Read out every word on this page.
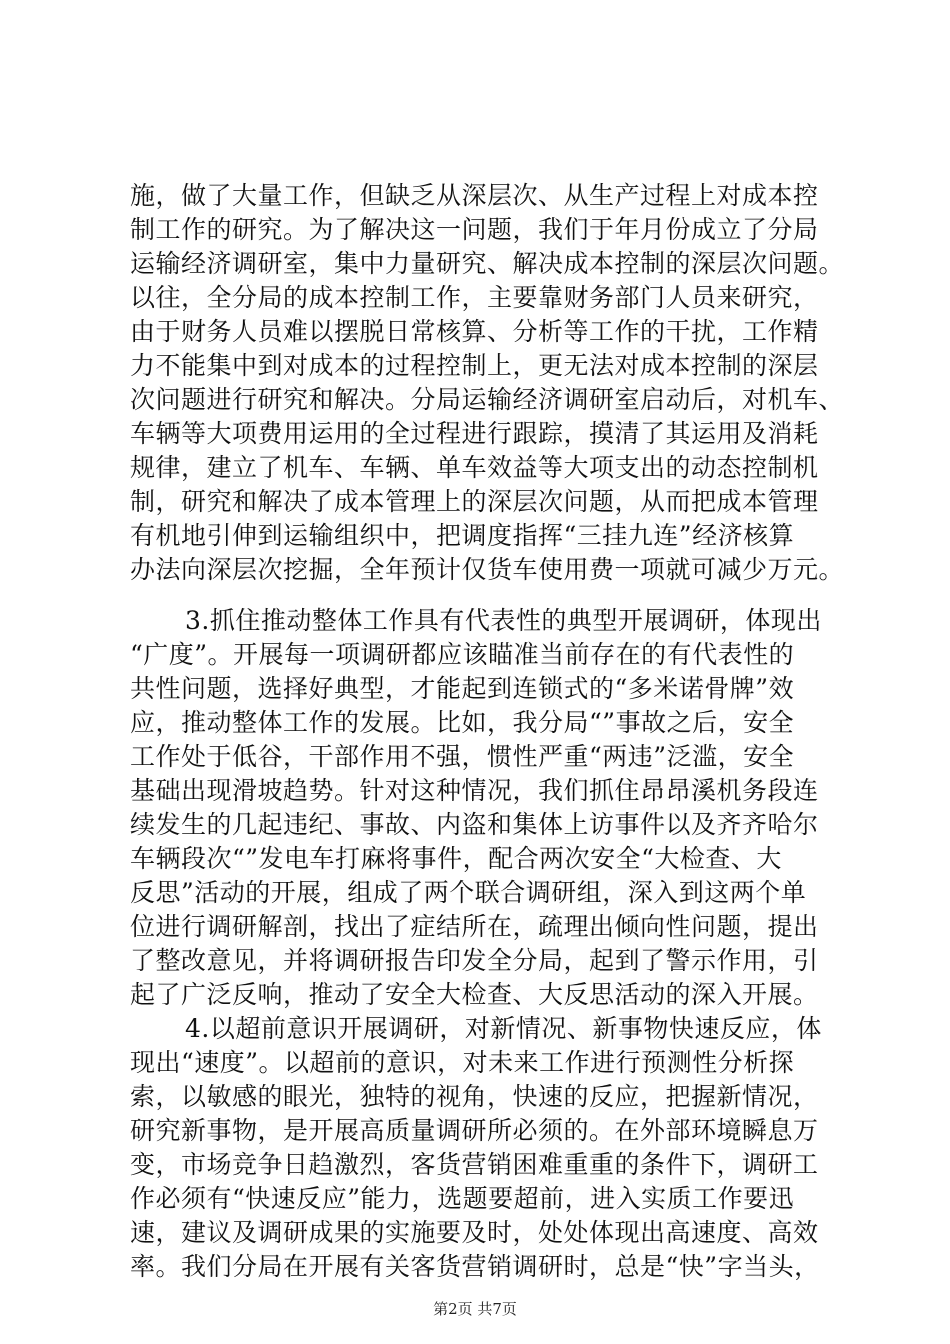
施，做了大量工作，但缺乏从深层次、从生产过程上对成本控
制工作的研究。为了解决这一问题，我们于年月份成立了分局
运输经济调研室，集中力量研究、解决成本控制的深层次问题。
以往，全分局的成本控制工作，主要靠财务部门人员来研究，
由于财务人员难以摆脱日常核算、分析等工作的干扰，工作精
力不能集中到对成本的过程控制上，更无法对成本控制的深层
次问题进行研究和解决。分局运输经济调研室启动后，对机车、
车辆等大项费用运用的全过程进行跟踪，摸清了其运用及消耗
规律，建立了机车、车辆、单车效益等大项支出的动态控制机
制，研究和解决了成本管理上的深层次问题，从而把成本管理
有机地引伸到运输组织中，把调度指挥“三挂九连”经济核算
办法向深层次挖掘，全年预计仅货车使用费一项就可减少万元。
3.抓住推动整体工作具有代表性的典型开展调研，体现出
“广度”。开展每一项调研都应该瞄准当前存在的有代表性的
共性问题，选择好典型，才能起到连锁式的“多米诺骨牌”效
应，推动整体工作的发展。比如，我分局“”事故之后，安全
工作处于低谷，干部作用不强，惯性严重“两违”泛滥，安全
基础出现滑坡趋势。针对这种情况，我们抓住昂昂溪机务段连
续发生的几起违纪、事故、内盗和集体上访事件以及齐齐哈尔
车辆段次“”发电车打麻将事件，配合两次安全“大检查、大
反思”活动的开展，组成了两个联合调研组，深入到这两个单
位进行调研解剖，找出了症结所在，疏理出倾向性问题，提出
了整改意见，并将调研报告印发全分局，起到了警示作用，引
起了广泛反响，推动了安全大检查、大反思活动的深入开展。
4.以超前意识开展调研，对新情况、新事物快速反应，体
现出“速度”。以超前的意识，对未来工作进行预测性分析探
索，以敏感的眼光，独特的视角，快速的反应，把握新情况，
研究新事物，是开展高质量调研所必须的。在外部环境瞬息万
变，市场竞争日趋激烈，客货营销困难重重的条件下，调研工
作必须有“快速反应”能力，选题要超前，进入实质工作要迅
速，建议及调研成果的实施要及时，处处体现出高速度、高效
率。我们分局在开展有关客货营销调研时，总是“快”字当头，
第2页 共7页
